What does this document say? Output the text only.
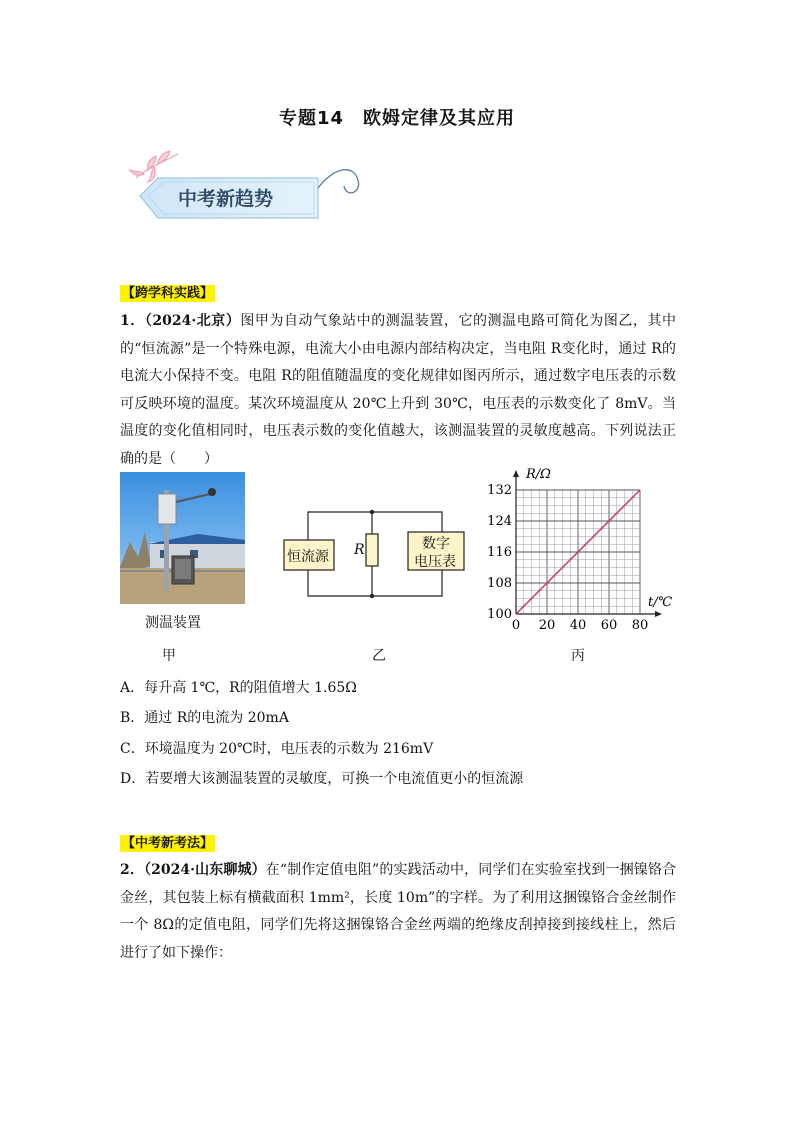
专题14　欧姆定律及其应用
中考新趋势
【跨学科实践】
1．（2024·北京）图甲为自动气象站中的测温装置，它的测温电路可简化为图乙，其中的“恒流源”是一个特殊电源，电流大小由电源内部结构决定，当电阻 R变化时，通过 R的电流大小保持不变。电阻 R的阻值随温度的变化规律如图丙所示，通过数字电压表的示数可反映环境的温度。某次环境温度从 20℃上升到 30℃，电压表的示数变化了 8mV。当温度的变化值相同时，电压表示数的变化值越大，该测温装置的灵敏度越高。下列说法正确的是（　　）
测温装置
甲
恒流源 R	数字
电压表
乙
0 20 40 60 80
100
108
116
124
132
R/Ω
t/℃
丙
A．每升高 1℃，R的阻值增大 1.65Ω
B．通过 R的电流为 20mA
C．环境温度为 20℃时，电压表的示数为 216mV
D．若要增大该测温装置的灵敏度，可换一个电流值更小的恒流源
【中考新考法】
2．（2024·山东聊城）在“制作定值电阻”的实践活动中，同学们在实验室找到一捆镍铬合金丝，其包装上标有横截面积 1mm²，长度 10m”的字样。为了利用这捆镍铬合金丝制作一个 8Ω的定值电阻，同学们先将这捆镍铬合金丝两端的绝缘皮刮掉接到接线柱上，然后进行了如下操作：
